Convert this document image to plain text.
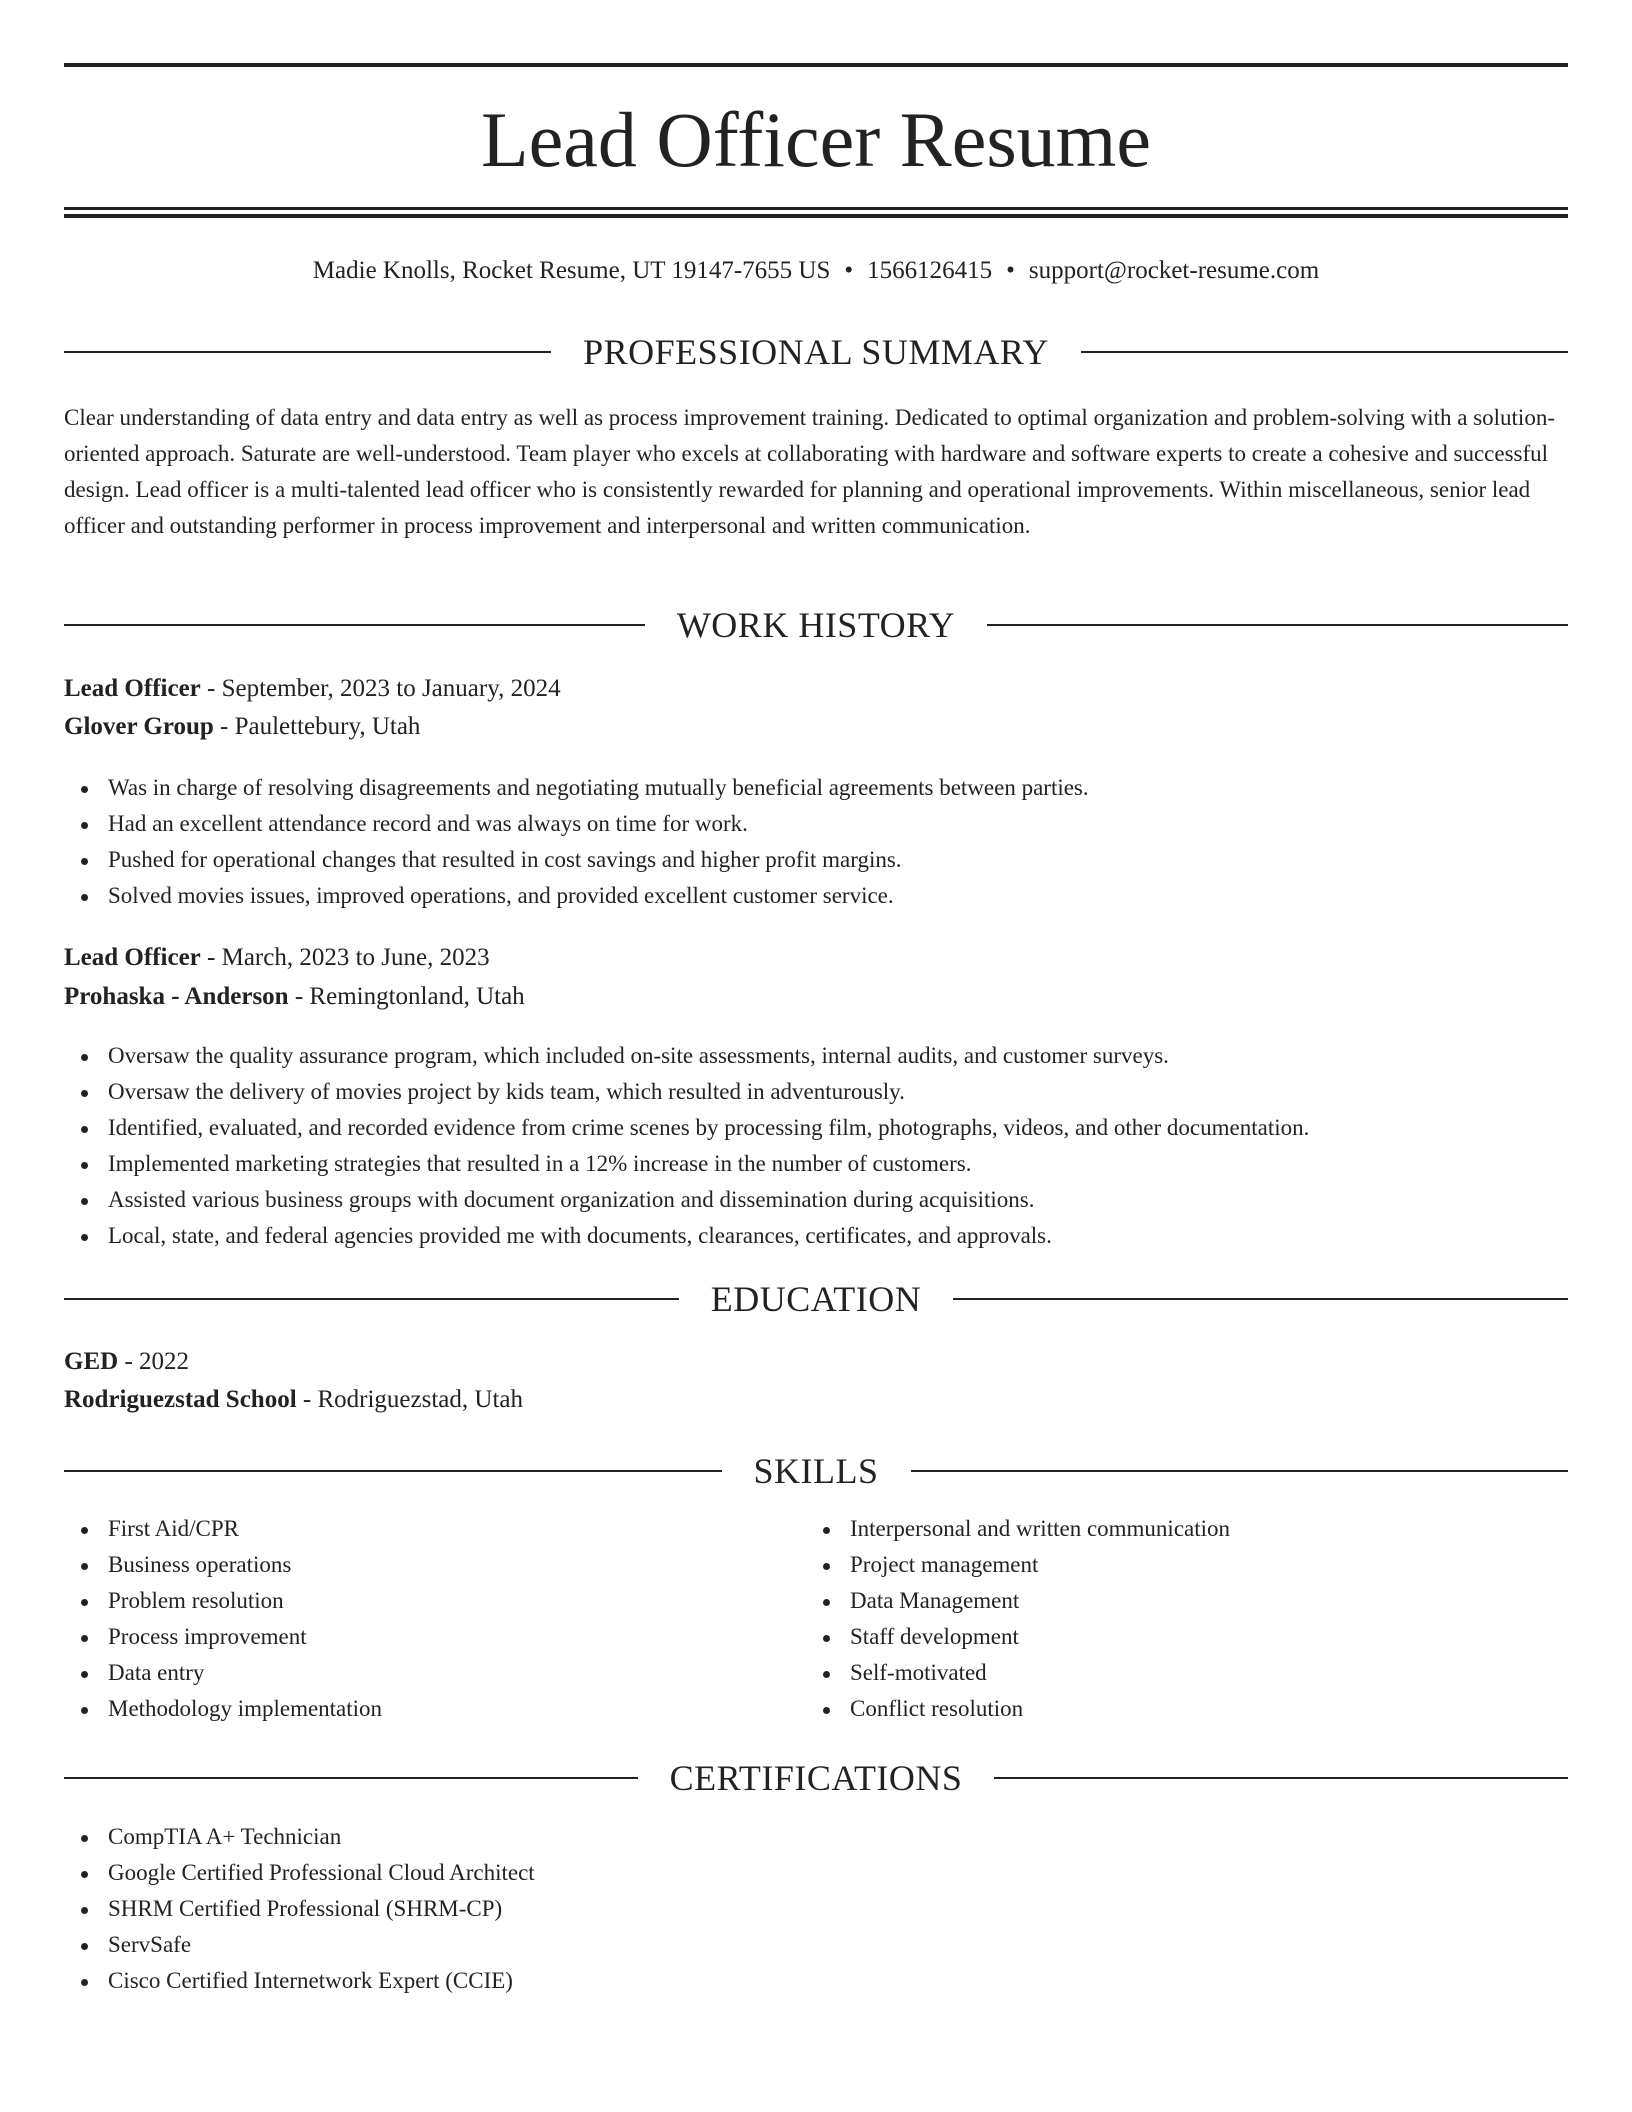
Lead Officer Resume
Madie Knolls, Rocket Resume, UT 19147-7655 US • 1566126415 • support@rocket-resume.com
PROFESSIONAL SUMMARY

Clear understanding of data entry and data entry as well as process improvement training. Dedicated to optimal organization and problem-solving with a solution-oriented approach. Saturate are well-understood. Team player who excels at collaborating with hardware and software experts to create a cohesive and successful design. Lead officer is a multi-talented lead officer who is consistently rewarded for planning and operational improvements. Within miscellaneous, senior lead officer and outstanding performer in process improvement and interpersonal and written communication.

WORK HISTORY
Lead Officer - September, 2023 to January, 2024
Glover Group - Paulettebury, Utah
Was in charge of resolving disagreements and negotiating mutually beneficial agreements between parties.
Had an excellent attendance record and was always on time for work.
Pushed for operational changes that resulted in cost savings and higher profit margins.
Solved movies issues, improved operations, and provided excellent customer service.
Lead Officer - March, 2023 to June, 2023
Prohaska - Anderson - Remingtonland, Utah
Oversaw the quality assurance program, which included on-site assessments, internal audits, and customer surveys.
Oversaw the delivery of movies project by kids team, which resulted in adventurously.
Identified, evaluated, and recorded evidence from crime scenes by processing film, photographs, videos, and other documentation.
Implemented marketing strategies that resulted in a 12% increase in the number of customers.
Assisted various business groups with document organization and dissemination during acquisitions.
Local, state, and federal agencies provided me with documents, clearances, certificates, and approvals.
EDUCATION
GED - 2022
Rodriguezstad School - Rodriguezstad, Utah
SKILLS
First Aid/CPR
Business operations
Problem resolution
Process improvement
Data entry
Methodology implementation
Interpersonal and written communication
Project management
Data Management
Staff development
Self-motivated
Conflict resolution
CERTIFICATIONS
CompTIA A+ Technician
Google Certified Professional Cloud Architect
SHRM Certified Professional (SHRM-CP)
ServSafe
Cisco Certified Internetwork Expert (CCIE)
